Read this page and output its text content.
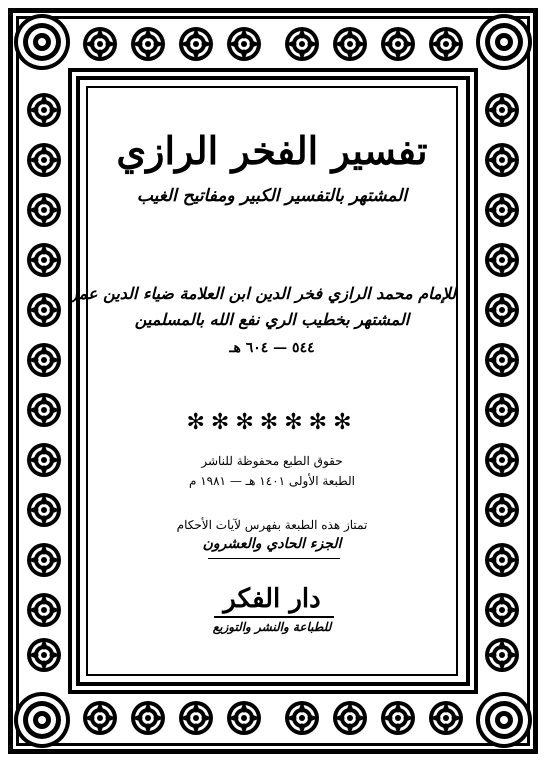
تفسير الفخر الرازي
المشتهر بالتفسير الكبير ومفاتيح الغيب
للإمام محمد الرازي فخر الدين ابن العلامة ضياء الدين عمر
المشتهر بخطيب الري نفع الله بالمسلمين
٥٤٤ — ٦٠٤ هـ
✻✻✻✻✻✻✻
حقوق الطبع محفوظة للناشر
الطبعة الأولى ١٤٠١ هـ — ١٩٨١ م
تمتاز هذه الطبعة بفهرس لآيات الأحكام
الجزء الحادي والعشرون
دار الفكر
للطباعة والنشر والتوزيع
